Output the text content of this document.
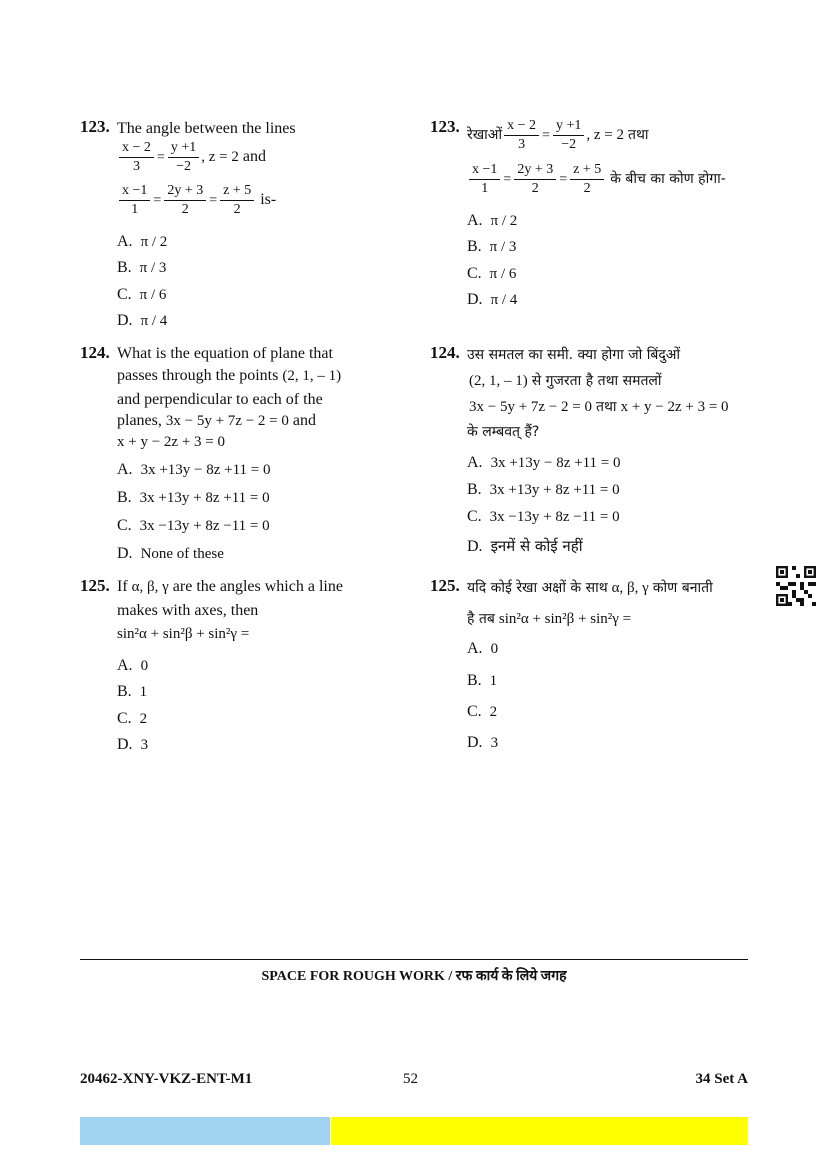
123. The angle between the lines
$\frac{x - 2}{3} = \frac{y +1}{-2}$ , z = 2 and
$\frac{x -1}{1} = \frac{2y + 3}{2} = \frac{z + 5}{2} is-$
A. π / 2
B. π / 3
C. π / 6
D. π / 4
124. What is the equation of plane that
passes through the points (2, 1, – 1)
and perpendicular to each of the
planes, 3x − 5y + 7z − 2 = 0 and
x + y − 2z + 3 = 0
A. 3x +13y − 8z +11 = 0
B. 3x +13y + 8z +11 = 0
C. 3x −13y + 8z −11 = 0
D. None of these
125. If α, β, γ are the angles which a line
makes with axes, then
sin²α + sin²β + sin²γ =
A. 0
B. 1
C. 2
D. 3
123. रेखाओं $\frac{x - 2}{3} = \frac{y +1}{-2}$ , z = 2 तथा
$\frac{x -1}{1} = \frac{2y + 3}{2} = \frac{z + 5}{2}$ के बीच का कोण होगा-
A. π / 2
B. π / 3
C. π / 6
D. π / 4
124. उस समतल का समी. क्या होगा जो बिंदुओं
(2, 1, – 1) से गुजरता है तथा समतलों
3x − 5y + 7z − 2 = 0 तथा x + y − 2z + 3 = 0
के लम्बवत् हैं?
A. 3x +13y − 8z +11 = 0
B. 3x +13y + 8z +11 = 0
C. 3x −13y + 8z −11 = 0
D. इनमें से कोई नहीं
125. यदि कोई रेखा अक्षों के साथ α, β, γ कोण बनाती
है तब sin²α + sin²β + sin²γ =
A. 0
B. 1
C. 2
D. 3
SPACE FOR ROUGH WORK / रफ कार्य के लिये जगह
20462-XNY-VKZ-ENT-M1	52	34 Set A
